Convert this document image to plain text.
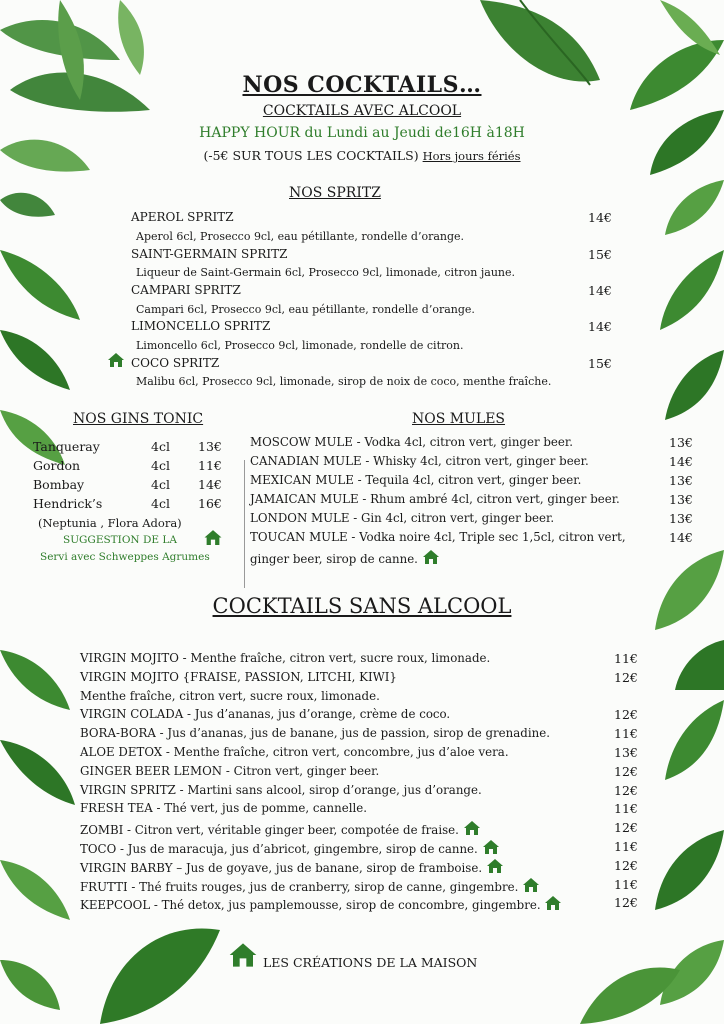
NOS COCKTAILS…
COCKTAILS AVEC ALCOOL
HAPPY HOUR du Lundi au Jeudi de16H à18H
(-5€ SUR TOUS LES COCKTAILS) Hors jours fériés
NOS SPRITZ
APEROL SPRITZ	14€
Aperol 6cl, Prosecco 9cl, eau pétillante, rondelle d’orange.
SAINT-GERMAIN SPRITZ	15€
Liqueur de Saint-Germain 6cl, Prosecco 9cl, limonade, citron jaune.
CAMPARI SPRITZ	14€
Campari 6cl, Prosecco 9cl, eau pétillante, rondelle d’orange.
LIMONCELLO SPRITZ	14€
Limoncello 6cl, Prosecco 9cl, limonade, rondelle de citron.
COCO SPRITZ	15€
Malibu 6cl, Prosecco 9cl, limonade, sirop de noix de coco, menthe fraîche.
NOS GINS TONIC
Tanqueray	4cl 13€
Gordon	4cl 11€
Bombay	4cl 14€
Hendrick’s	4cl 16€
(Neptunia , Flora Adora)
SUGGESTION DE LA
Servi avec Schweppes Agrumes
NOS MULES
MOSCOW MULE - Vodka 4cl, citron vert, ginger beer.	13€
CANADIAN MULE - Whisky 4cl, citron vert, ginger beer.	14€
MEXICAN MULE - Tequila 4cl, citron vert, ginger beer.	13€
JAMAICAN MULE - Rhum ambré 4cl, citron vert, ginger beer.	13€
LONDON MULE - Gin 4cl, citron vert, ginger beer.	13€
TOUCAN MULE - Vodka noire 4cl, Triple sec 1,5cl, citron vert,	14€
ginger beer, sirop de canne.
COCKTAILS SANS ALCOOL
VIRGIN MOJITO - Menthe fraîche, citron vert, sucre roux, limonade.	11€
VIRGIN MOJITO {FRAISE, PASSION, LITCHI, KIWI}	12€
Menthe fraîche, citron vert, sucre roux, limonade.
VIRGIN COLADA - Jus d’ananas, jus d’orange, crème de coco.	12€
BORA-BORA - Jus d’ananas, jus de banane, jus de passion, sirop de grenadine.	11€
ALOE DETOX - Menthe fraîche, citron vert, concombre, jus d’aloe vera.	13€
GINGER BEER LEMON - Citron vert, ginger beer.	12€
VIRGIN SPRITZ - Martini sans alcool, sirop d’orange, jus d’orange.	12€
FRESH TEA - Thé vert, jus de pomme, cannelle.	11€
ZOMBI - Citron vert, véritable ginger beer, compotée de fraise.	12€
TOCO - Jus de maracuja, jus d’abricot, gingembre, sirop de canne.	11€
VIRGIN BARBY – Jus de goyave, jus de banane, sirop de framboise.	12€
FRUTTI - Thé fruits rouges, jus de cranberry, sirop de canne, gingembre.	11€
KEEPCOOL - Thé detox, jus pamplemousse, sirop de concombre, gingembre.	12€
LES CRÉATIONS DE LA MAISON
